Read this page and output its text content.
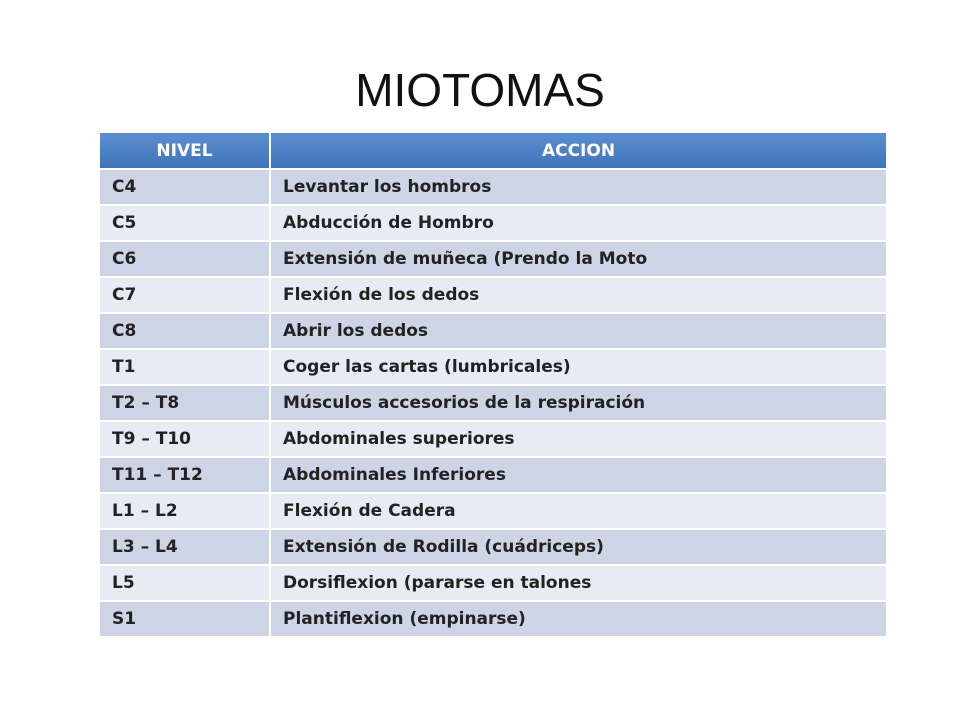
MIOTOMAS
NIVEL	ACCION
C4	Levantar los hombros
C5	Abducción de Hombro
C6	Extensión de muñeca (Prendo la Moto
C7	Flexión de los dedos
C8	Abrir los dedos
T1	Coger las cartas (lumbricales)
T2 – T8	Músculos accesorios de la respiración
T9 – T10	Abdominales superiores
T11 – T12	Abdominales Inferiores
L1 – L2	Flexión de Cadera
L3 – L4	Extensión de Rodilla (cuádriceps)
L5	Dorsiflexion (pararse en talones
S1	Plantiflexion (empinarse)
